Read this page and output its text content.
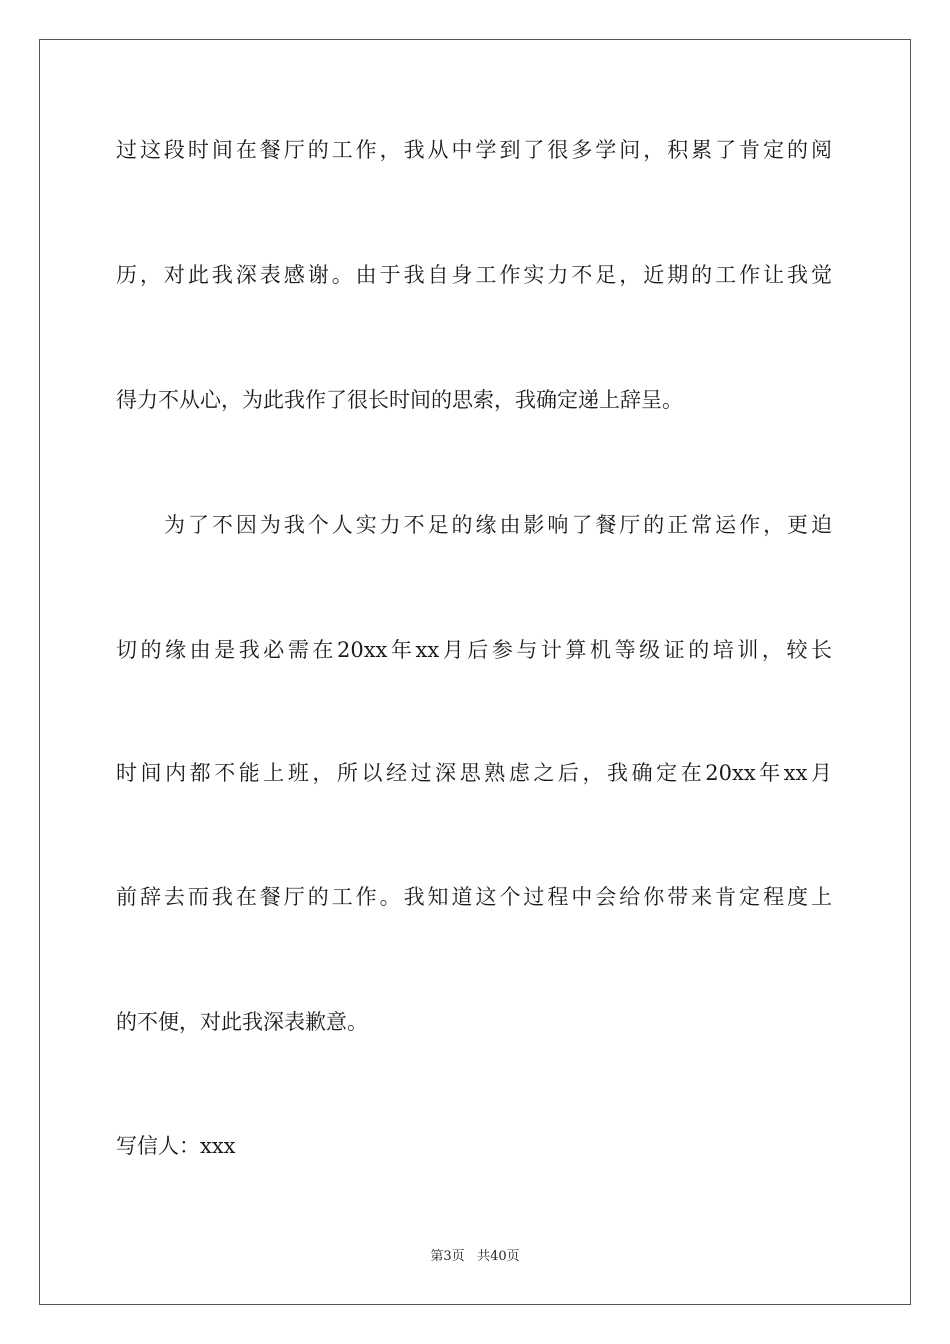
过这段时间在餐厅的工作，我从中学到了很多学问，积累了肯定的阅
历，对此我深表感谢。由于我自身工作实力不足，近期的工作让我觉
得力不从心，为此我作了很长时间的思索，我确定递上辞呈。
为了不因为我个人实力不足的缘由影响了餐厅的正常运作，更迫
切的缘由是我必需在20xx年xx月后参与计算机等级证的培训，较长
时间内都不能上班，所以经过深思熟虑之后，我确定在20xx年xx月
前辞去而我在餐厅的工作。我知道这个过程中会给你带来肯定程度上
的不便，对此我深表歉意。
写信人：xxx
第3页 共40页
